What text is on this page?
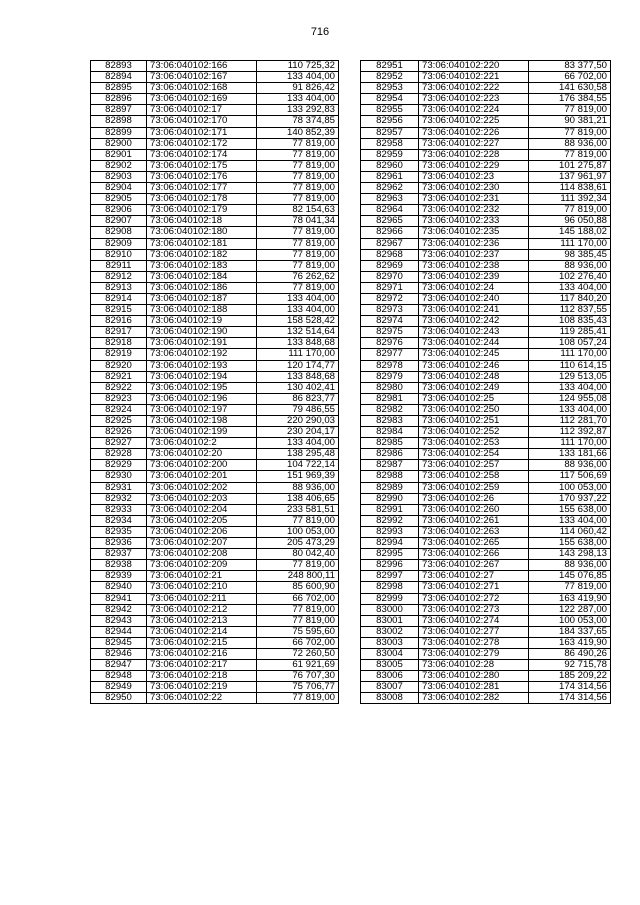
716
82893	73:06:040102:166	110 725,32
82894	73:06:040102:167	133 404,00
82895	73:06:040102:168	91 826,42
82896	73:06:040102:169	133 404,00
82897	73:06:040102:17	133 292,83
82898	73:06:040102:170	78 374,85
82899	73:06:040102:171	140 852,39
82900	73:06:040102:172	77 819,00
82901	73:06:040102:174	77 819,00
82902	73:06:040102:175	77 819,00
82903	73:06:040102:176	77 819,00
82904	73:06:040102:177	77 819,00
82905	73:06:040102:178	77 819,00
82906	73:06:040102:179	82 154,63
82907	73:06:040102:18	78 041,34
82908	73:06:040102:180	77 819,00
82909	73:06:040102:181	77 819,00
82910	73:06:040102:182	77 819,00
82911	73:06:040102:183	77 819,00
82912	73:06:040102:184	76 262,62
82913	73:06:040102:186	77 819,00
82914	73:06:040102:187	133 404,00
82915	73:06:040102:188	133 404,00
82916	73:06:040102:19	158 528,42
82917	73:06:040102:190	132 514,64
82918	73:06:040102:191	133 848,68
82919	73:06:040102:192	111 170,00
82920	73:06:040102:193	120 174,77
82921	73:06:040102:194	133 848,68
82922	73:06:040102:195	130 402,41
82923	73:06:040102:196	86 823,77
82924	73:06:040102:197	79 486,55
82925	73:06:040102:198	220 290,03
82926	73:06:040102:199	230 204,17
82927	73:06:040102:2	133 404,00
82928	73:06:040102:20	138 295,48
82929	73:06:040102:200	104 722,14
82930	73:06:040102:201	151 969,39
82931	73:06:040102:202	88 936,00
82932	73:06:040102:203	138 406,65
82933	73:06:040102:204	233 581,51
82934	73:06:040102:205	77 819,00
82935	73:06:040102:206	100 053,00
82936	73:06:040102:207	205 473,29
82937	73:06:040102:208	80 042,40
82938	73:06:040102:209	77 819,00
82939	73:06:040102:21	248 800,11
82940	73:06:040102:210	85 600,90
82941	73:06:040102:211	66 702,00
82942	73:06:040102:212	77 819,00
82943	73:06:040102:213	77 819,00
82944	73:06:040102:214	75 595,60
82945	73:06:040102:215	66 702,00
82946	73:06:040102:216	72 260,50
82947	73:06:040102:217	61 921,69
82948	73:06:040102:218	76 707,30
82949	73:06:040102:219	75 706,77
82950	73:06:040102:22	77 819,00
82951	73:06:040102:220	83 377,50
82952	73:06:040102:221	66 702,00
82953	73:06:040102:222	141 630,58
82954	73:06:040102:223	176 384,55
82955	73:06:040102:224	77 819,00
82956	73:06:040102:225	90 381,21
82957	73:06:040102:226	77 819,00
82958	73:06:040102:227	88 936,00
82959	73:06:040102:228	77 819,00
82960	73:06:040102:229	101 275,87
82961	73:06:040102:23	137 961,97
82962	73:06:040102:230	114 838,61
82963	73:06:040102:231	111 392,34
82964	73:06:040102:232	77 819,00
82965	73:06:040102:233	96 050,88
82966	73:06:040102:235	145 188,02
82967	73:06:040102:236	111 170,00
82968	73:06:040102:237	98 385,45
82969	73:06:040102:238	88 936,00
82970	73:06:040102:239	102 276,40
82971	73:06:040102:24	133 404,00
82972	73:06:040102:240	117 840,20
82973	73:06:040102:241	112 837,55
82974	73:06:040102:242	108 835,43
82975	73:06:040102:243	119 285,41
82976	73:06:040102:244	108 057,24
82977	73:06:040102:245	111 170,00
82978	73:06:040102:246	110 614,15
82979	73:06:040102:248	129 513,05
82980	73:06:040102:249	133 404,00
82981	73:06:040102:25	124 955,08
82982	73:06:040102:250	133 404,00
82983	73:06:040102:251	112 281,70
82984	73:06:040102:252	112 392,87
82985	73:06:040102:253	111 170,00
82986	73:06:040102:254	133 181,66
82987	73:06:040102:257	88 936,00
82988	73:06:040102:258	117 506,69
82989	73:06:040102:259	100 053,00
82990	73:06:040102:26	170 937,22
82991	73:06:040102:260	155 638,00
82992	73:06:040102:261	133 404,00
82993	73:06:040102:263	114 060,42
82994	73:06:040102:265	155 638,00
82995	73:06:040102:266	143 298,13
82996	73:06:040102:267	88 936,00
82997	73:06:040102:27	145 076,85
82998	73:06:040102:271	77 819,00
82999	73:06:040102:272	163 419,90
83000	73:06:040102:273	122 287,00
83001	73:06:040102:274	100 053,00
83002	73:06:040102:277	184 337,65
83003	73:06:040102:278	163 419,90
83004	73:06:040102:279	86 490,26
83005	73:06:040102:28	92 715,78
83006	73:06:040102:280	185 209,22
83007	73:06:040102:281	174 314,56
83008	73:06:040102:282	174 314,56
